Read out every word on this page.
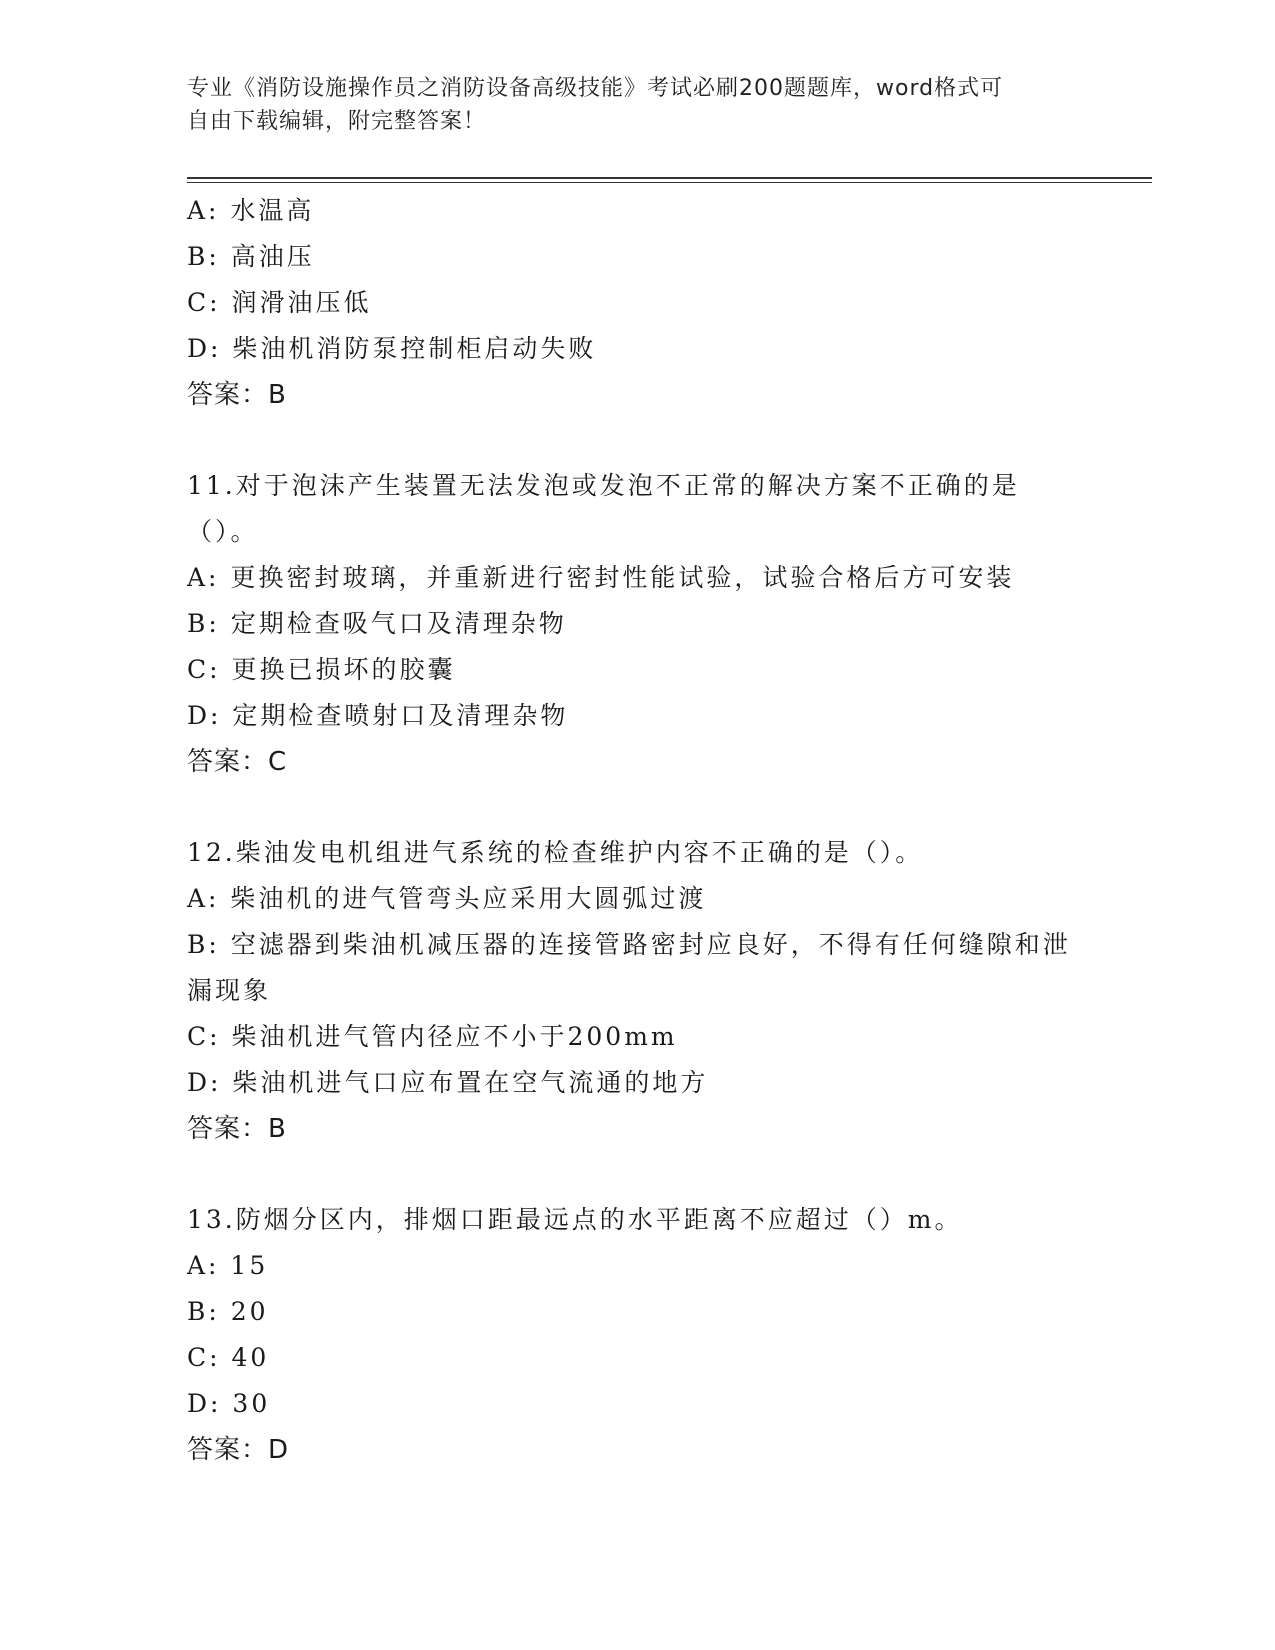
专业《消防设施操作员之消防设备高级技能》考试必刷200题题库，word格式可
自由下载编辑，附完整答案！
A: 水温高
B: 高油压
C: 润滑油压低
D: 柴油机消防泵控制柜启动失败
答案：B
11.对于泡沫产生装置无法发泡或发泡不正常的解决方案不正确的是（）。
A: 更换密封玻璃，并重新进行密封性能试验，试验合格后方可安装
B: 定期检查吸气口及清理杂物
C: 更换已损坏的胶囊
D: 定期检查喷射口及清理杂物
答案：C
12.柴油发电机组进气系统的检查维护内容不正确的是（）。
A: 柴油机的进气管弯头应采用大圆弧过渡
B: 空滤器到柴油机减压器的连接管路密封应良好，不得有任何缝隙和泄漏现象
C: 柴油机进气管内径应不小于200mm
D: 柴油机进气口应布置在空气流通的地方
答案：B
13.防烟分区内，排烟口距最远点的水平距离不应超过（）m。
A: 15
B: 20
C: 40
D: 30
答案：D
